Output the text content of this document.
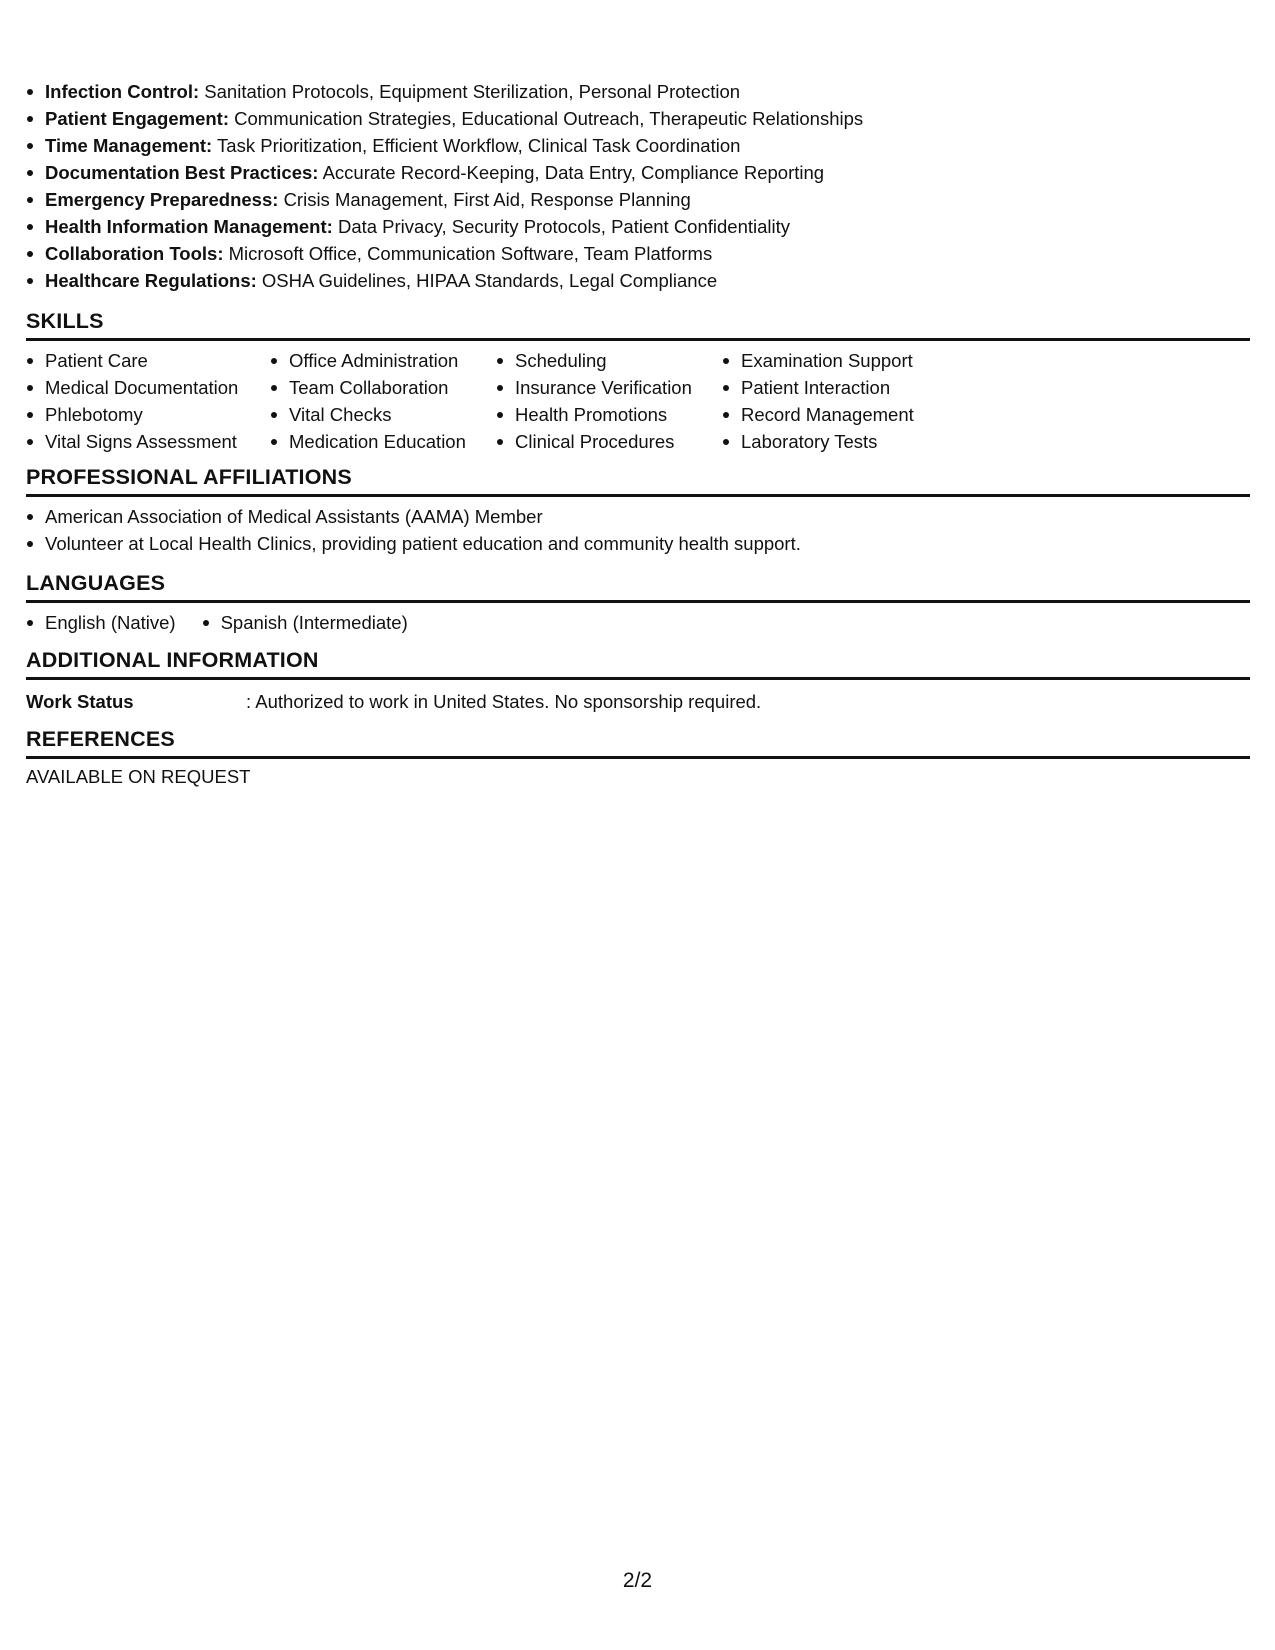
Infection Control: Sanitation Protocols, Equipment Sterilization, Personal Protection
Patient Engagement: Communication Strategies, Educational Outreach, Therapeutic Relationships
Time Management: Task Prioritization, Efficient Workflow, Clinical Task Coordination
Documentation Best Practices: Accurate Record-Keeping, Data Entry, Compliance Reporting
Emergency Preparedness: Crisis Management, First Aid, Response Planning
Health Information Management: Data Privacy, Security Protocols, Patient Confidentiality
Collaboration Tools: Microsoft Office, Communication Software, Team Platforms
Healthcare Regulations: OSHA Guidelines, HIPAA Standards, Legal Compliance
SKILLS
Patient Care
Medical Documentation
Phlebotomy
Vital Signs Assessment
Office Administration
Team Collaboration
Vital Checks
Medication Education
Scheduling
Insurance Verification
Health Promotions
Clinical Procedures
Examination Support
Patient Interaction
Record Management
Laboratory Tests
PROFESSIONAL AFFILIATIONS
American Association of Medical Assistants (AAMA) Member
Volunteer at Local Health Clinics, providing patient education and community health support.
LANGUAGES
English (Native)	Spanish (Intermediate)
ADDITIONAL INFORMATION
Work Status	: Authorized to work in United States. No sponsorship required.
REFERENCES
AVAILABLE ON REQUEST
2/2
